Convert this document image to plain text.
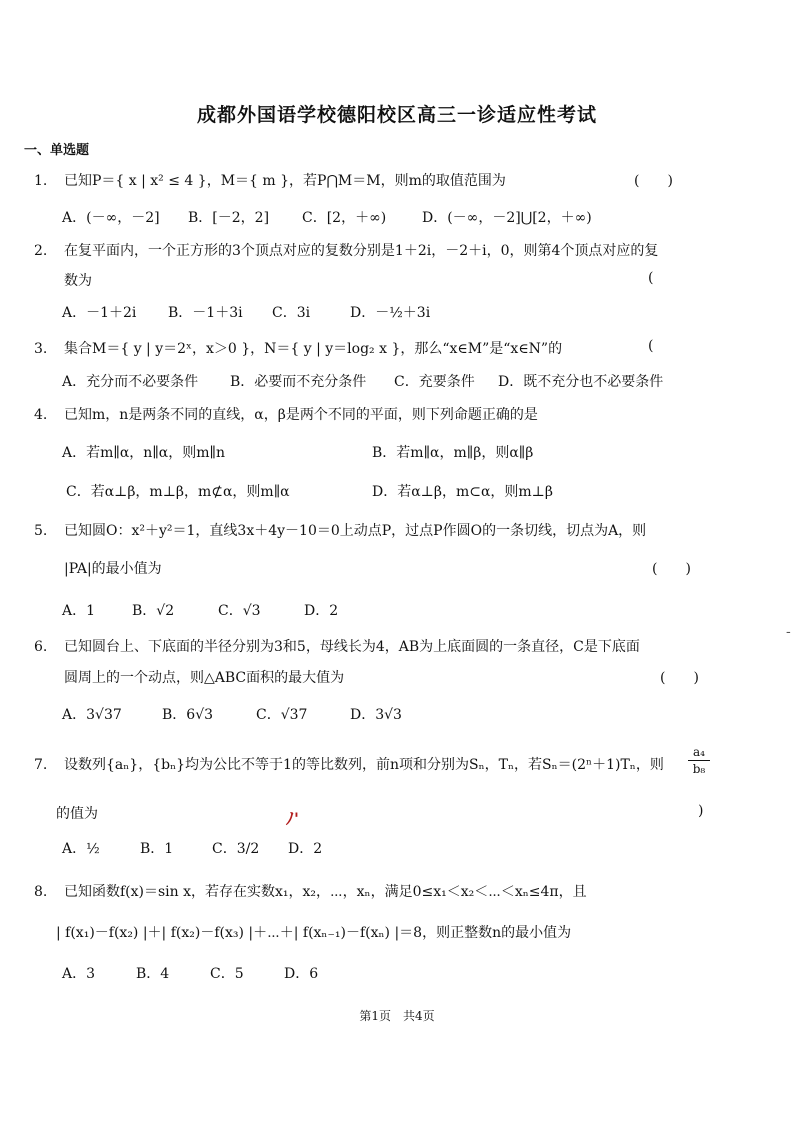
成都外国语学校德阳校区高三一诊适应性考试
一、单选题
1. 已知P＝{ x | x² ≤ 4 }，M＝{ m }，若P⋂M＝M，则m的取值范围为	(　　)
A．(－∞，－2] B．[－2，2] C．[2，＋∞)	D．(－∞，－2]⋃[2，＋∞)
2. 在复平面内，一个正方形的3个顶点对应的复数分别是1＋2i，－2＋i，0，则第4个顶点对应的复
数为	(
A．－1＋2i B．－1＋3i C．3i	D．－½＋3i
3. 集合M＝{ y | y＝2ˣ，x＞0 }，N＝{ y | y＝log₂ x }，那么“x∈M”是“x∈N”的	(
A．充分而不必要条件 B．必要而不充分条件 C．充要条件 D．既不充分也不必要条件
4. 已知m，n是两条不同的直线，α，β是两个不同的平面，则下列命题正确的是
A．若m∥α，n∥α，则m∥n	B．若m∥α，m∥β，则α∥β
C．若α⊥β，m⊥β，m⊄α，则m∥α	D．若α⊥β，m⊂α，则m⊥β
5. 已知圆O：x²＋y²＝1，直线3x＋4y－10＝0上动点P，过点P作圆O的一条切线，切点为A，则
|PA|的最小值为	(　　)
A．1	B．√2	C．√3	D．2
6. 已知圆台上、下底面的半径分别为3和5，母线长为4，AB为上底面圆的一条直径，C是下底面
圆周上的一个动点，则△ABC面积的最大值为	(　　)
A．3√37	B．6√3	C．√37	D．3√3
7. 设数列{aₙ}，{bₙ}均为公比不等于1的等比数列，前n项和分别为Sₙ，Tₙ，若Sₙ＝(2ⁿ＋1)Tₙ，则 $\frac{\text{a₄}}{\text{b₈}}$
的值为	ﾉ'	)
A．½	B．1	C．3/2 D．2
8. 已知函数f(x)＝sin x，若存在实数x₁，x₂，⋯，xₙ，满足0≤x₁＜x₂＜⋯＜xₙ≤4π，且
| f(x₁)－f(x₂) |＋| f(x₂)－f(x₃) |＋⋯＋| f(xₙ₋₁)－f(xₙ) |＝8，则正整数n的最小值为
A．3	B．4	C．5	D．6
-
第1页 共4页
